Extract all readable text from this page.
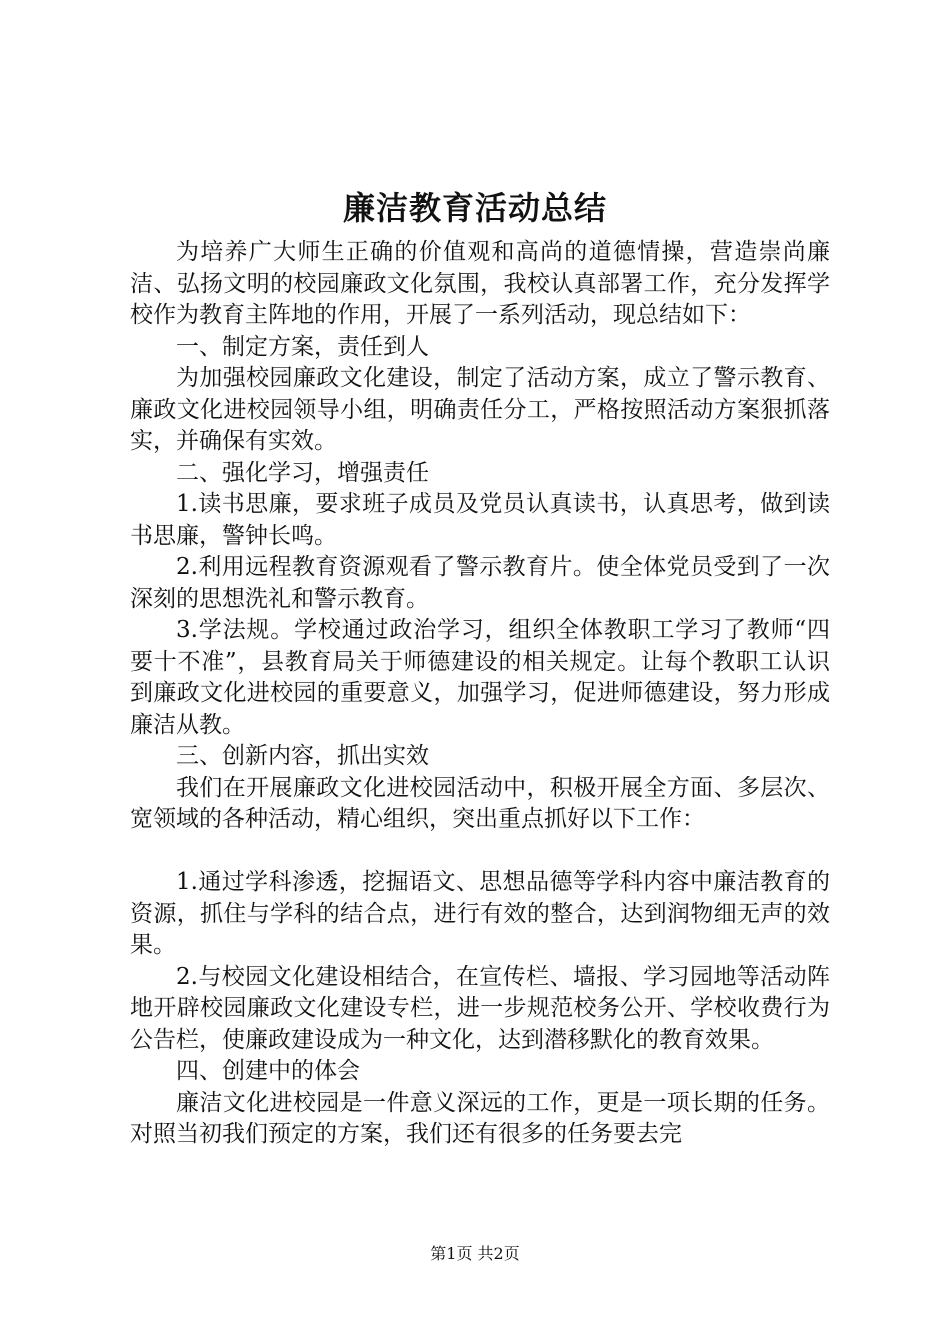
廉洁教育活动总结

为培养广大师生正确的价值观和高尚的道德情操，营造崇尚廉洁、弘扬文明的校园廉政文化氛围，我校认真部署工作，充分发挥学校作为教育主阵地的作用，开展了一系列活动，现总结如下：

一、制定方案，责任到人

为加强校园廉政文化建设，制定了活动方案，成立了警示教育、廉政文化进校园领导小组，明确责任分工，严格按照活动方案狠抓落实，并确保有实效。

二、强化学习，增强责任

1.读书思廉，要求班子成员及党员认真读书，认真思考，做到读书思廉，警钟长鸣。

2.利用远程教育资源观看了警示教育片。使全体党员受到了一次深刻的思想洗礼和警示教育。

3.学法规。学校通过政治学习，组织全体教职工学习了教师“四要十不准”，县教育局关于师德建设的相关规定。让每个教职工认识到廉政文化进校园的重要意义，加强学习，促进师德建设，努力形成廉洁从教。

三、创新内容，抓出实效

我们在开展廉政文化进校园活动中，积极开展全方面、多层次、宽领域的各种活动，精心组织，突出重点抓好以下工作：

1.通过学科渗透，挖掘语文、思想品德等学科内容中廉洁教育的资源，抓住与学科的结合点，进行有效的整合，达到润物细无声的效果。

2.与校园文化建设相结合，在宣传栏、墙报、学习园地等活动阵地开辟校园廉政文化建设专栏，进一步规范校务公开、学校收费行为公告栏，使廉政建设成为一种文化，达到潜移默化的教育效果。

四、创建中的体会

廉洁文化进校园是一件意义深远的工作，更是一项长期的任务。对照当初我们预定的方案，我们还有很多的任务要去完

第1页 共2页
